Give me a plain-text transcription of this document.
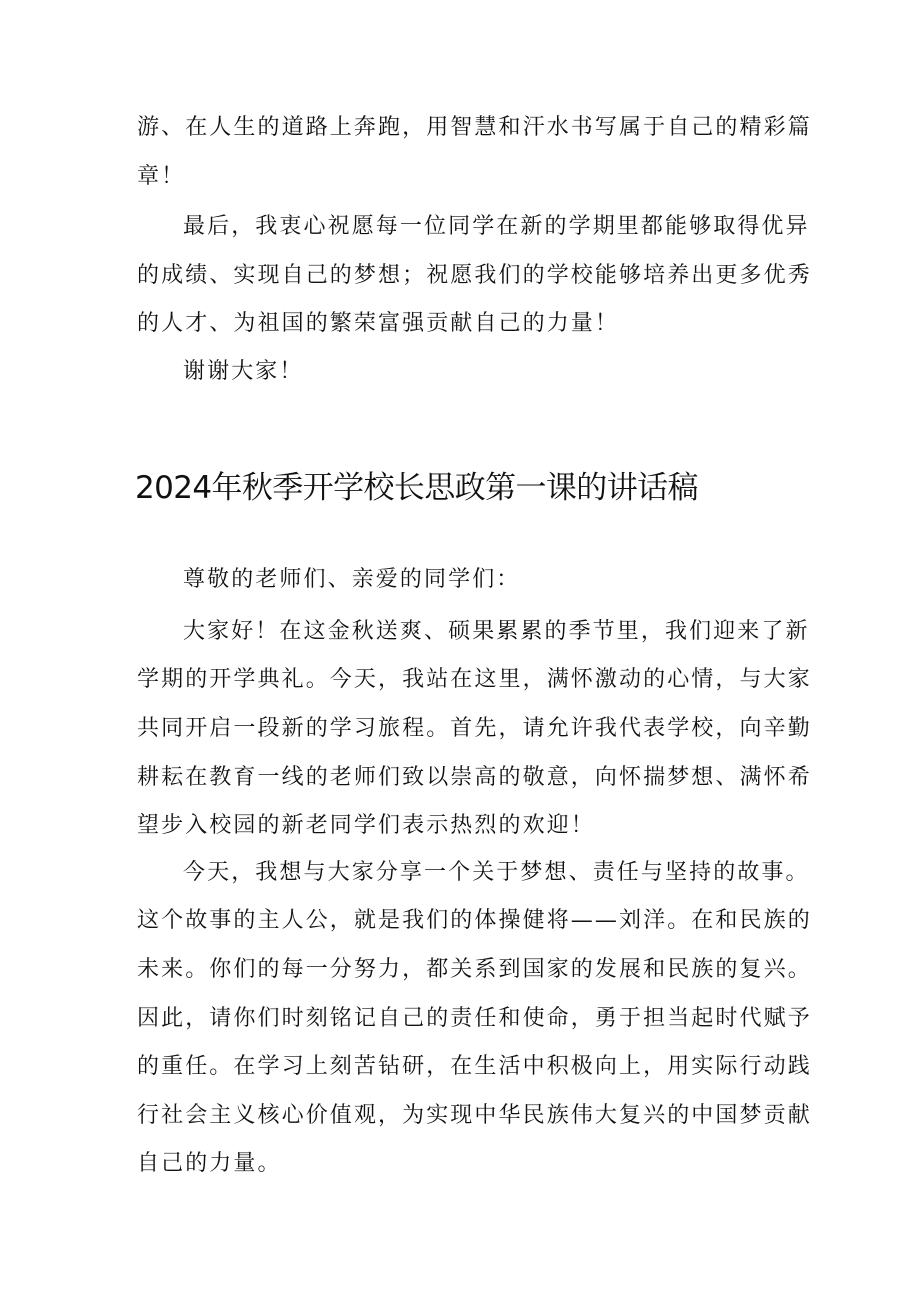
游、在人生的道路上奔跑，用智慧和汗水书写属于自己的精彩篇
章！
最后，我衷心祝愿每一位同学在新的学期里都能够取得优异
的成绩、实现自己的梦想；祝愿我们的学校能够培养出更多优秀
的人才、为祖国的繁荣富强贡献自己的力量！
谢谢大家！
2024年秋季开学校长思政第一课的讲话稿
尊敬的老师们、亲爱的同学们：
大家好！在这金秋送爽、硕果累累的季节里，我们迎来了新
学期的开学典礼。今天，我站在这里，满怀激动的心情，与大家
共同开启一段新的学习旅程。首先，请允许我代表学校，向辛勤
耕耘在教育一线的老师们致以崇高的敬意，向怀揣梦想、满怀希
望步入校园的新老同学们表示热烈的欢迎！
今天，我想与大家分享一个关于梦想、责任与坚持的故事。
这个故事的主人公，就是我们的体操健将——刘洋。在和民族的
未来。你们的每一分努力，都关系到国家的发展和民族的复兴。
因此，请你们时刻铭记自己的责任和使命，勇于担当起时代赋予
的重任。在学习上刻苦钻研，在生活中积极向上，用实际行动践
行社会主义核心价值观，为实现中华民族伟大复兴的中国梦贡献
自己的力量。
